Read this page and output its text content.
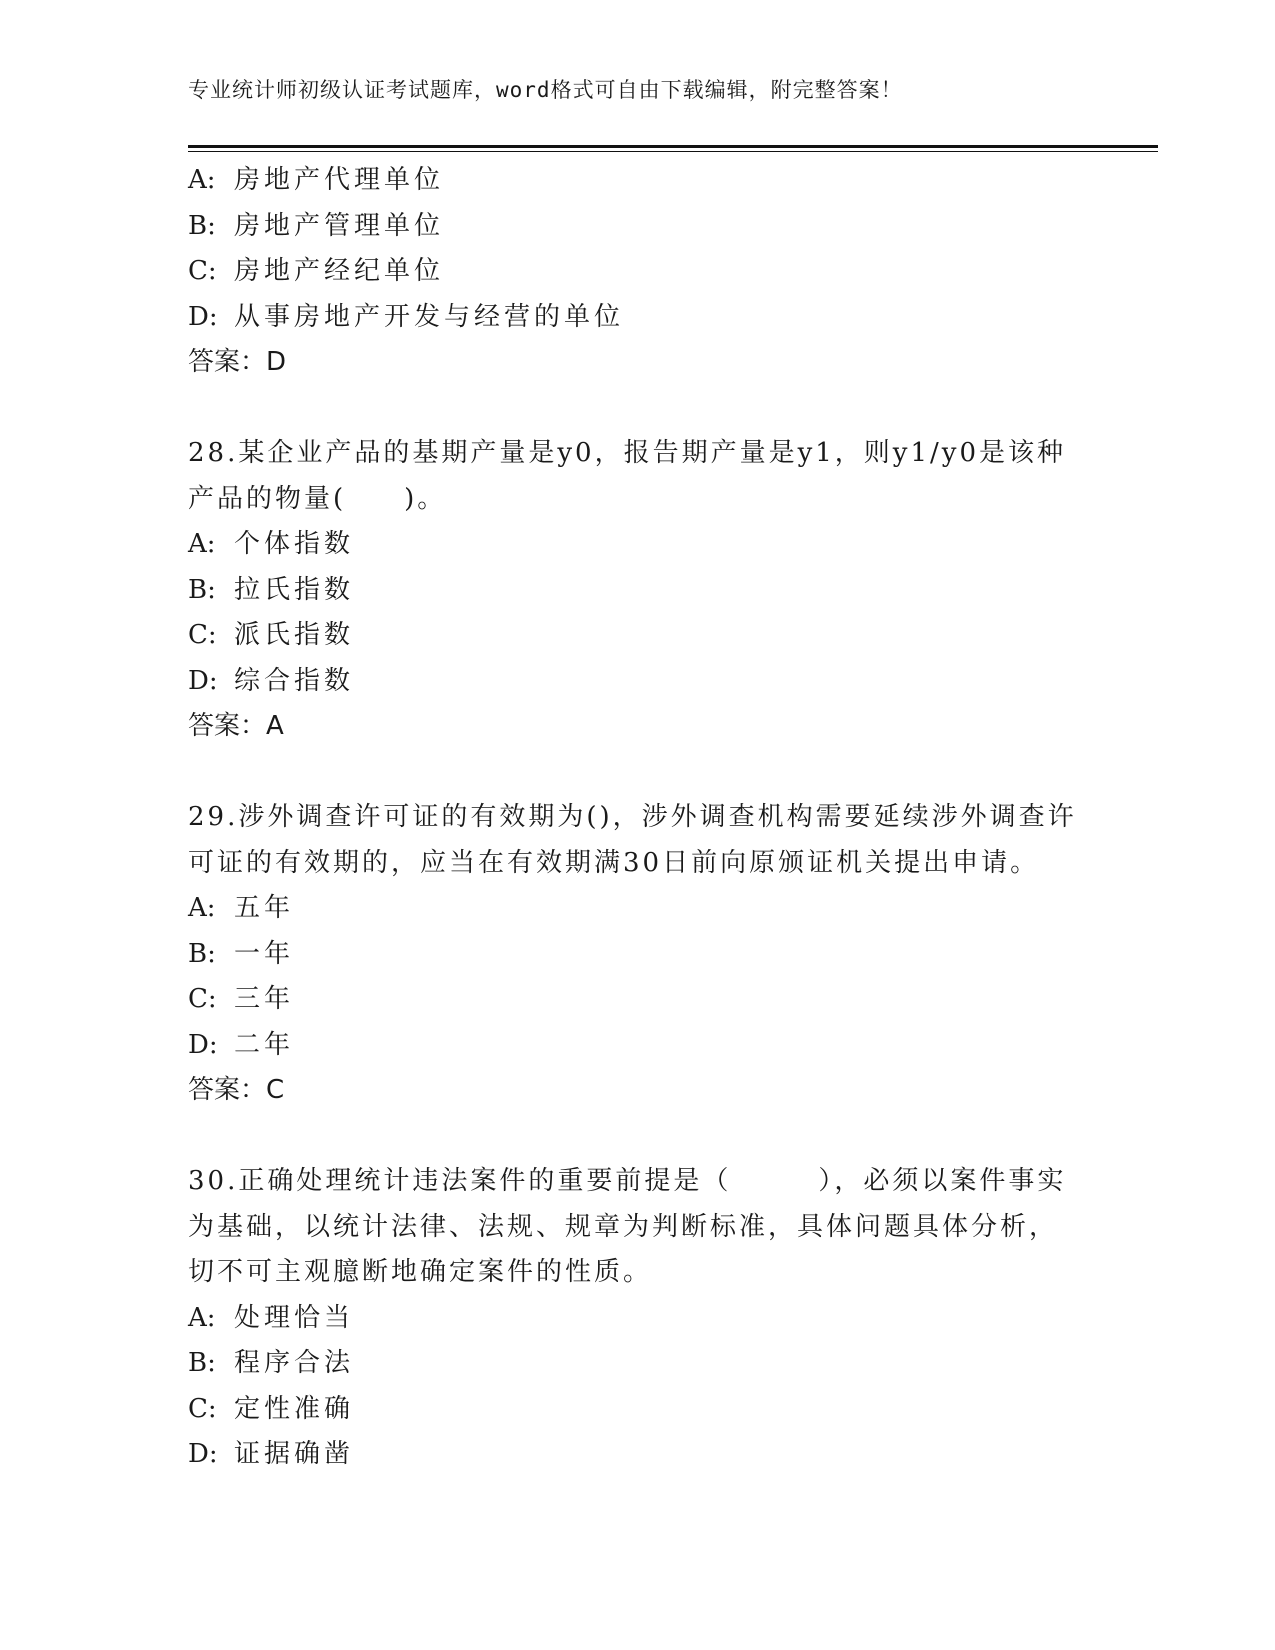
专业统计师初级认证考试题库，word格式可自由下载编辑，附完整答案！
A: 房地产代理单位
B: 房地产管理单位
C: 房地产经纪单位
D: 从事房地产开发与经营的单位
答案：D
28.某企业产品的基期产量是y0，报告期产量是y1，则y1/y0是该种
产品的物量(　　)。
A: 个体指数
B: 拉氏指数
C: 派氏指数
D: 综合指数
答案：A
29.涉外调查许可证的有效期为()，涉外调查机构需要延续涉外调查许
可证的有效期的，应当在有效期满30日前向原颁证机关提出申请。
A: 五年
B: 一年
C: 三年
D: 二年
答案：C
30.正确处理统计违法案件的重要前提是（　　　），必须以案件事实
为基础，以统计法律、法规、规章为判断标准，具体问题具体分析，
切不可主观臆断地确定案件的性质。
A: 处理恰当
B: 程序合法
C: 定性准确
D: 证据确凿
